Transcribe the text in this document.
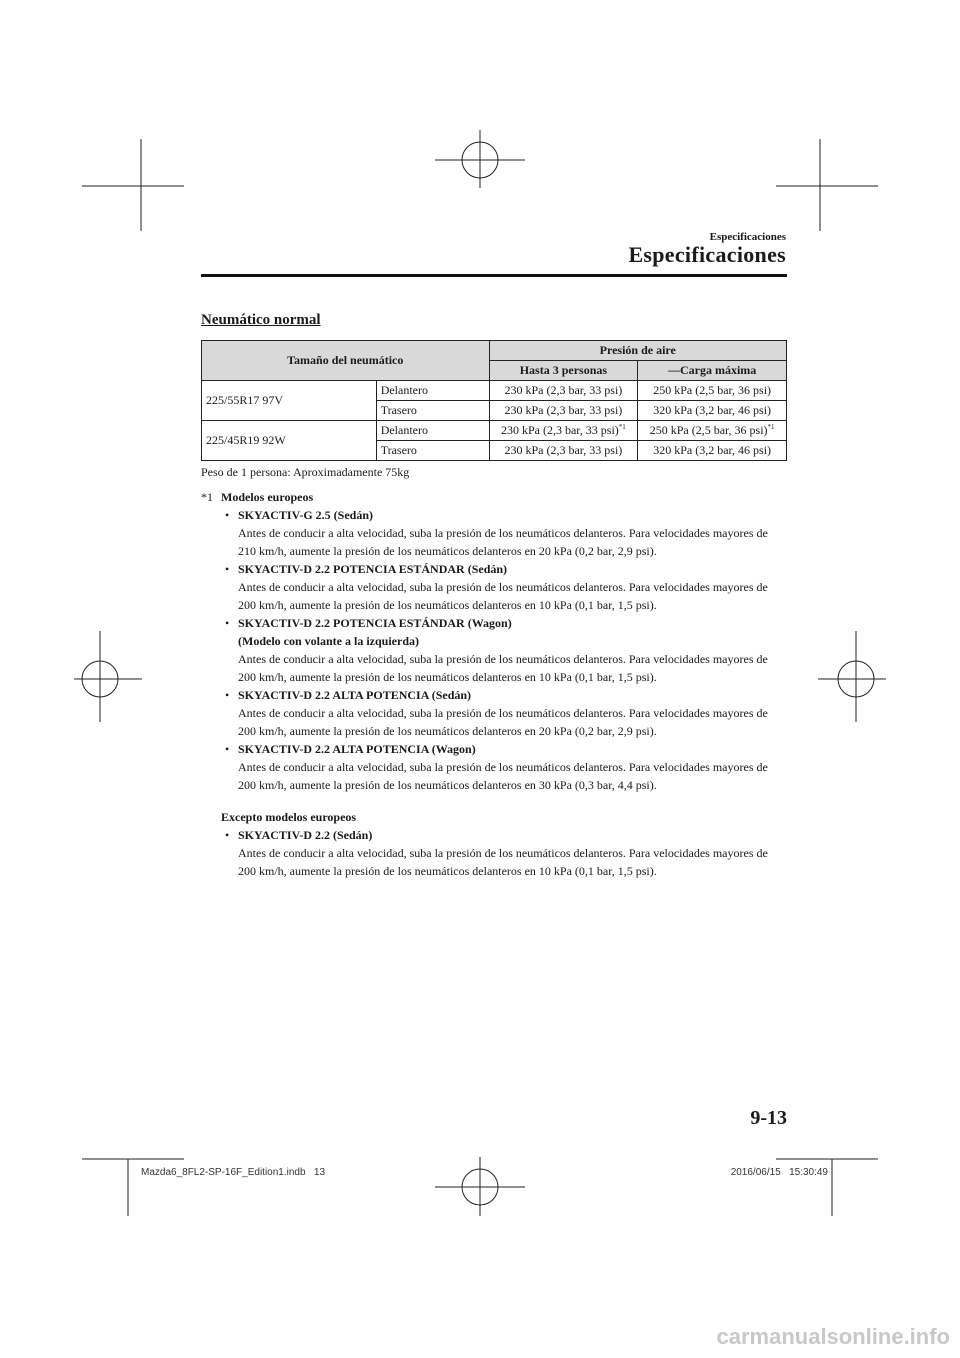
Especificaciones
Especificaciones
Neumático normal
Tamaño del neumático		Presión de aire	
		Hasta 3 personas	—Carga máxima
225/55R17 97V	Delantero	230 kPa (2,3 bar, 33 psi)	250 kPa (2,5 bar, 36 psi)
	Trasero	230 kPa (2,3 bar, 33 psi)	320 kPa (3,2 bar, 46 psi)
225/45R19 92W	Delantero	230 kPa (2,3 bar, 33 psi)$^{*1}$	250 kPa (2,5 bar, 36 psi)$^{*1}$
	Trasero	230 kPa (2,3 bar, 33 psi)	320 kPa (3,2 bar, 46 psi)
Peso de 1 persona: Aproximadamente 75kg
*1 Modelos europeos
• SKYACTIV-G 2.5 (Sedán)
Antes de conducir a alta velocidad, suba la presión de los neumáticos delanteros. Para velocidades mayores de 210 km/h, aumente la presión de los neumáticos delanteros en 20 kPa (0,2 bar, 2,9 psi).
• SKYACTIV-D 2.2 POTENCIA ESTÁNDAR (Sedán)
Antes de conducir a alta velocidad, suba la presión de los neumáticos delanteros. Para velocidades mayores de 200 km/h, aumente la presión de los neumáticos delanteros en 10 kPa (0,1 bar, 1,5 psi).
• SKYACTIV-D 2.2 POTENCIA ESTÁNDAR (Wagon)
(Modelo con volante a la izquierda)
Antes de conducir a alta velocidad, suba la presión de los neumáticos delanteros. Para velocidades mayores de 200 km/h, aumente la presión de los neumáticos delanteros en 10 kPa (0,1 bar, 1,5 psi).
• SKYACTIV-D 2.2 ALTA POTENCIA (Sedán)
Antes de conducir a alta velocidad, suba la presión de los neumáticos delanteros. Para velocidades mayores de 200 km/h, aumente la presión de los neumáticos delanteros en 20 kPa (0,2 bar, 2,9 psi).
• SKYACTIV-D 2.2 ALTA POTENCIA (Wagon)
Antes de conducir a alta velocidad, suba la presión de los neumáticos delanteros. Para velocidades mayores de 200 km/h, aumente la presión de los neumáticos delanteros en 30 kPa (0,3 bar, 4,4 psi).
Excepto modelos europeos
• SKYACTIV-D 2.2 (Sedán)
Antes de conducir a alta velocidad, suba la presión de los neumáticos delanteros. Para velocidades mayores de 200 km/h, aumente la presión de los neumáticos delanteros en 10 kPa (0,1 bar, 1,5 psi).
9-13
Mazda6_8FL2-SP-16F_Edition1.indb   13	2016/06/15   15:30:49
carmanualsonline.info
